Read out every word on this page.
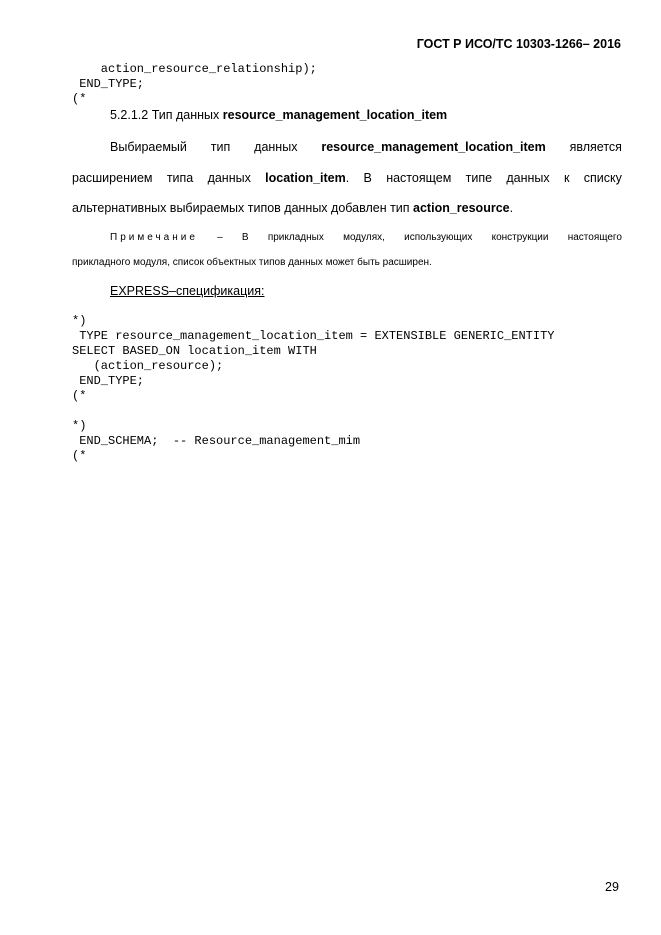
ГОСТ Р ИСО/ТС 10303-1266– 2016
action_resource_relationship);
END_TYPE;
(*
5.2.1.2 Тип данных resource_management_location_item
Выбираемый тип данных resource_management_location_item является
расширением типа данных location_item. В настоящем типе данных к списку
альтернативных выбираемых типов данных добавлен тип action_resource.
Примечание – В прикладных модулях, использующих конструкции настоящего
прикладного модуля, список объектных типов данных может быть расширен.
EXPRESS–спецификация:
*)
TYPE resource_management_location_item = EXTENSIBLE GENERIC_ENTITY
SELECT BASED_ON location_item WITH
(action_resource);
END_TYPE;
(*
*)
END_SCHEMA;  -- Resource_management_mim
(*
29
